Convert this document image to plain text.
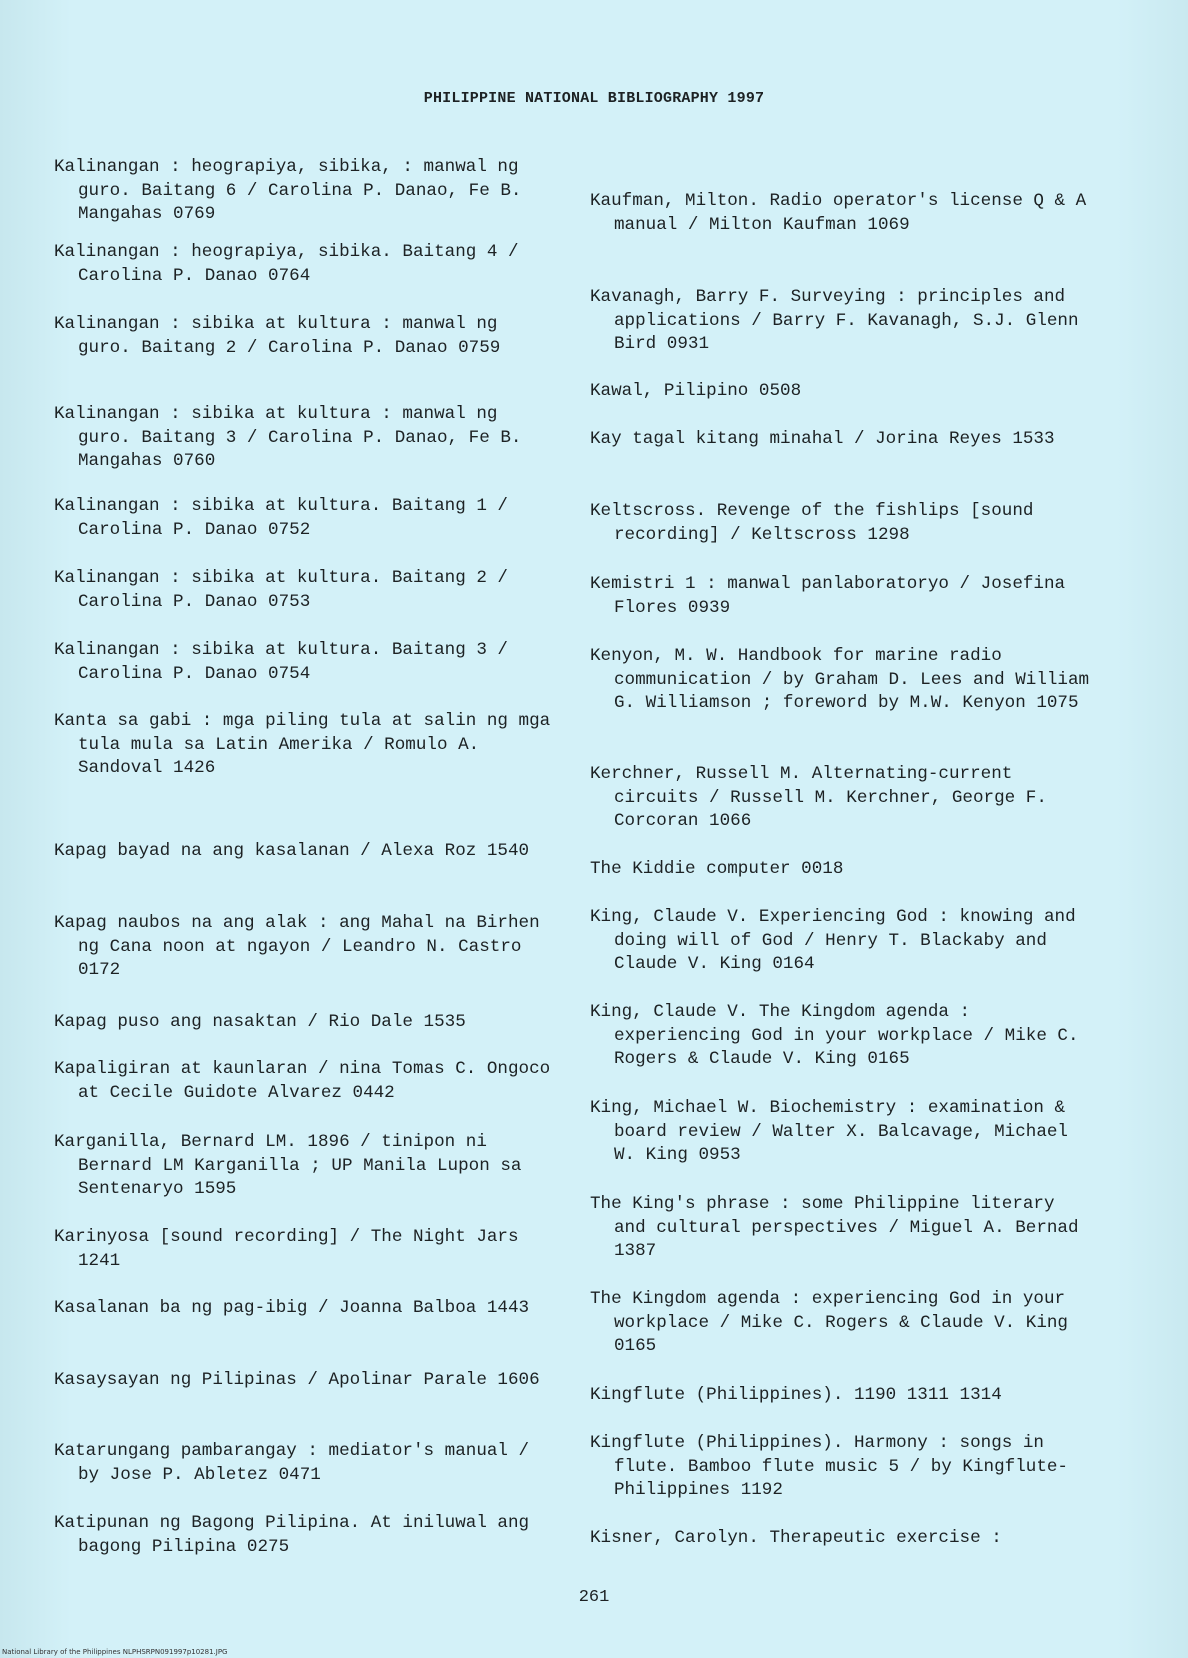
PHILIPPINE NATIONAL BIBLIOGRAPHY 1997
Kalinangan : heograpiya, sibika, : manwal ng guro. Baitang 6 / Carolina P. Danao, Fe B. Mangahas 0769
Kalinangan : heograpiya, sibika. Baitang 4 / Carolina P. Danao 0764
Kalinangan : sibika at kultura : manwal ng guro. Baitang 2 / Carolina P. Danao 0759
Kalinangan : sibika at kultura : manwal ng guro. Baitang 3 / Carolina P. Danao, Fe B. Mangahas 0760
Kalinangan : sibika at kultura. Baitang 1 / Carolina P. Danao 0752
Kalinangan : sibika at kultura. Baitang 2 / Carolina P. Danao 0753
Kalinangan : sibika at kultura. Baitang 3 / Carolina P. Danao 0754
Kanta sa gabi : mga piling tula at salin ng mga tula mula sa Latin Amerika / Romulo A. Sandoval 1426
Kapag bayad na ang kasalanan / Alexa Roz 1540
Kapag naubos na ang alak : ang Mahal na Birhen ng Cana noon at ngayon / Leandro N. Castro 0172
Kapag puso ang nasaktan / Rio Dale 1535
Kapaligiran at kaunlaran / nina Tomas C. Ongoco at Cecile Guidote Alvarez 0442
Karganilla, Bernard LM. 1896 / tinipon ni Bernard LM Karganilla ; UP Manila Lupon sa Sentenaryo 1595
Karinyosa [sound recording] / The Night Jars 1241
Kasalanan ba ng pag-ibig / Joanna Balboa 1443
Kasaysayan ng Pilipinas / Apolinar Parale 1606
Katarungang pambarangay : mediator's manual / by Jose P. Abletez 0471
Katipunan ng Bagong Pilipina. At iniluwal ang bagong Pilipina 0275
Kaufman, Milton. Radio operator's license Q & A manual / Milton Kaufman 1069
Kavanagh, Barry F. Surveying : principles and applications / Barry F. Kavanagh, S.J. Glenn Bird 0931
Kawal, Pilipino 0508
Kay tagal kitang minahal / Jorina Reyes 1533
Keltscross. Revenge of the fishlips [sound recording] / Keltscross 1298
Kemistri 1 : manwal panlaboratoryo / Josefina Flores 0939
Kenyon, M. W. Handbook for marine radio communication / by Graham D. Lees and William G. Williamson ; foreword by M.W. Kenyon 1075
Kerchner, Russell M. Alternating-current circuits / Russell M. Kerchner, George F. Corcoran 1066
The Kiddie computer 0018
King, Claude V. Experiencing God : knowing and doing will of God / Henry T. Blackaby and Claude V. King 0164
King, Claude V. The Kingdom agenda : experiencing God in your workplace / Mike C. Rogers & Claude V. King 0165
King, Michael W. Biochemistry : examination & board review / Walter X. Balcavage, Michael W. King 0953
The King's phrase : some Philippine literary and cultural perspectives / Miguel A. Bernad 1387
The Kingdom agenda : experiencing God in your workplace / Mike C. Rogers & Claude V. King 0165
Kingflute (Philippines). 1190 1311 1314
Kingflute (Philippines). Harmony : songs in flute. Bamboo flute music 5 / by Kingflute-Philippines 1192
Kisner, Carolyn. Therapeutic exercise :
261
National Library of the Philippines NLPHSRPN091997p10281.JPG
